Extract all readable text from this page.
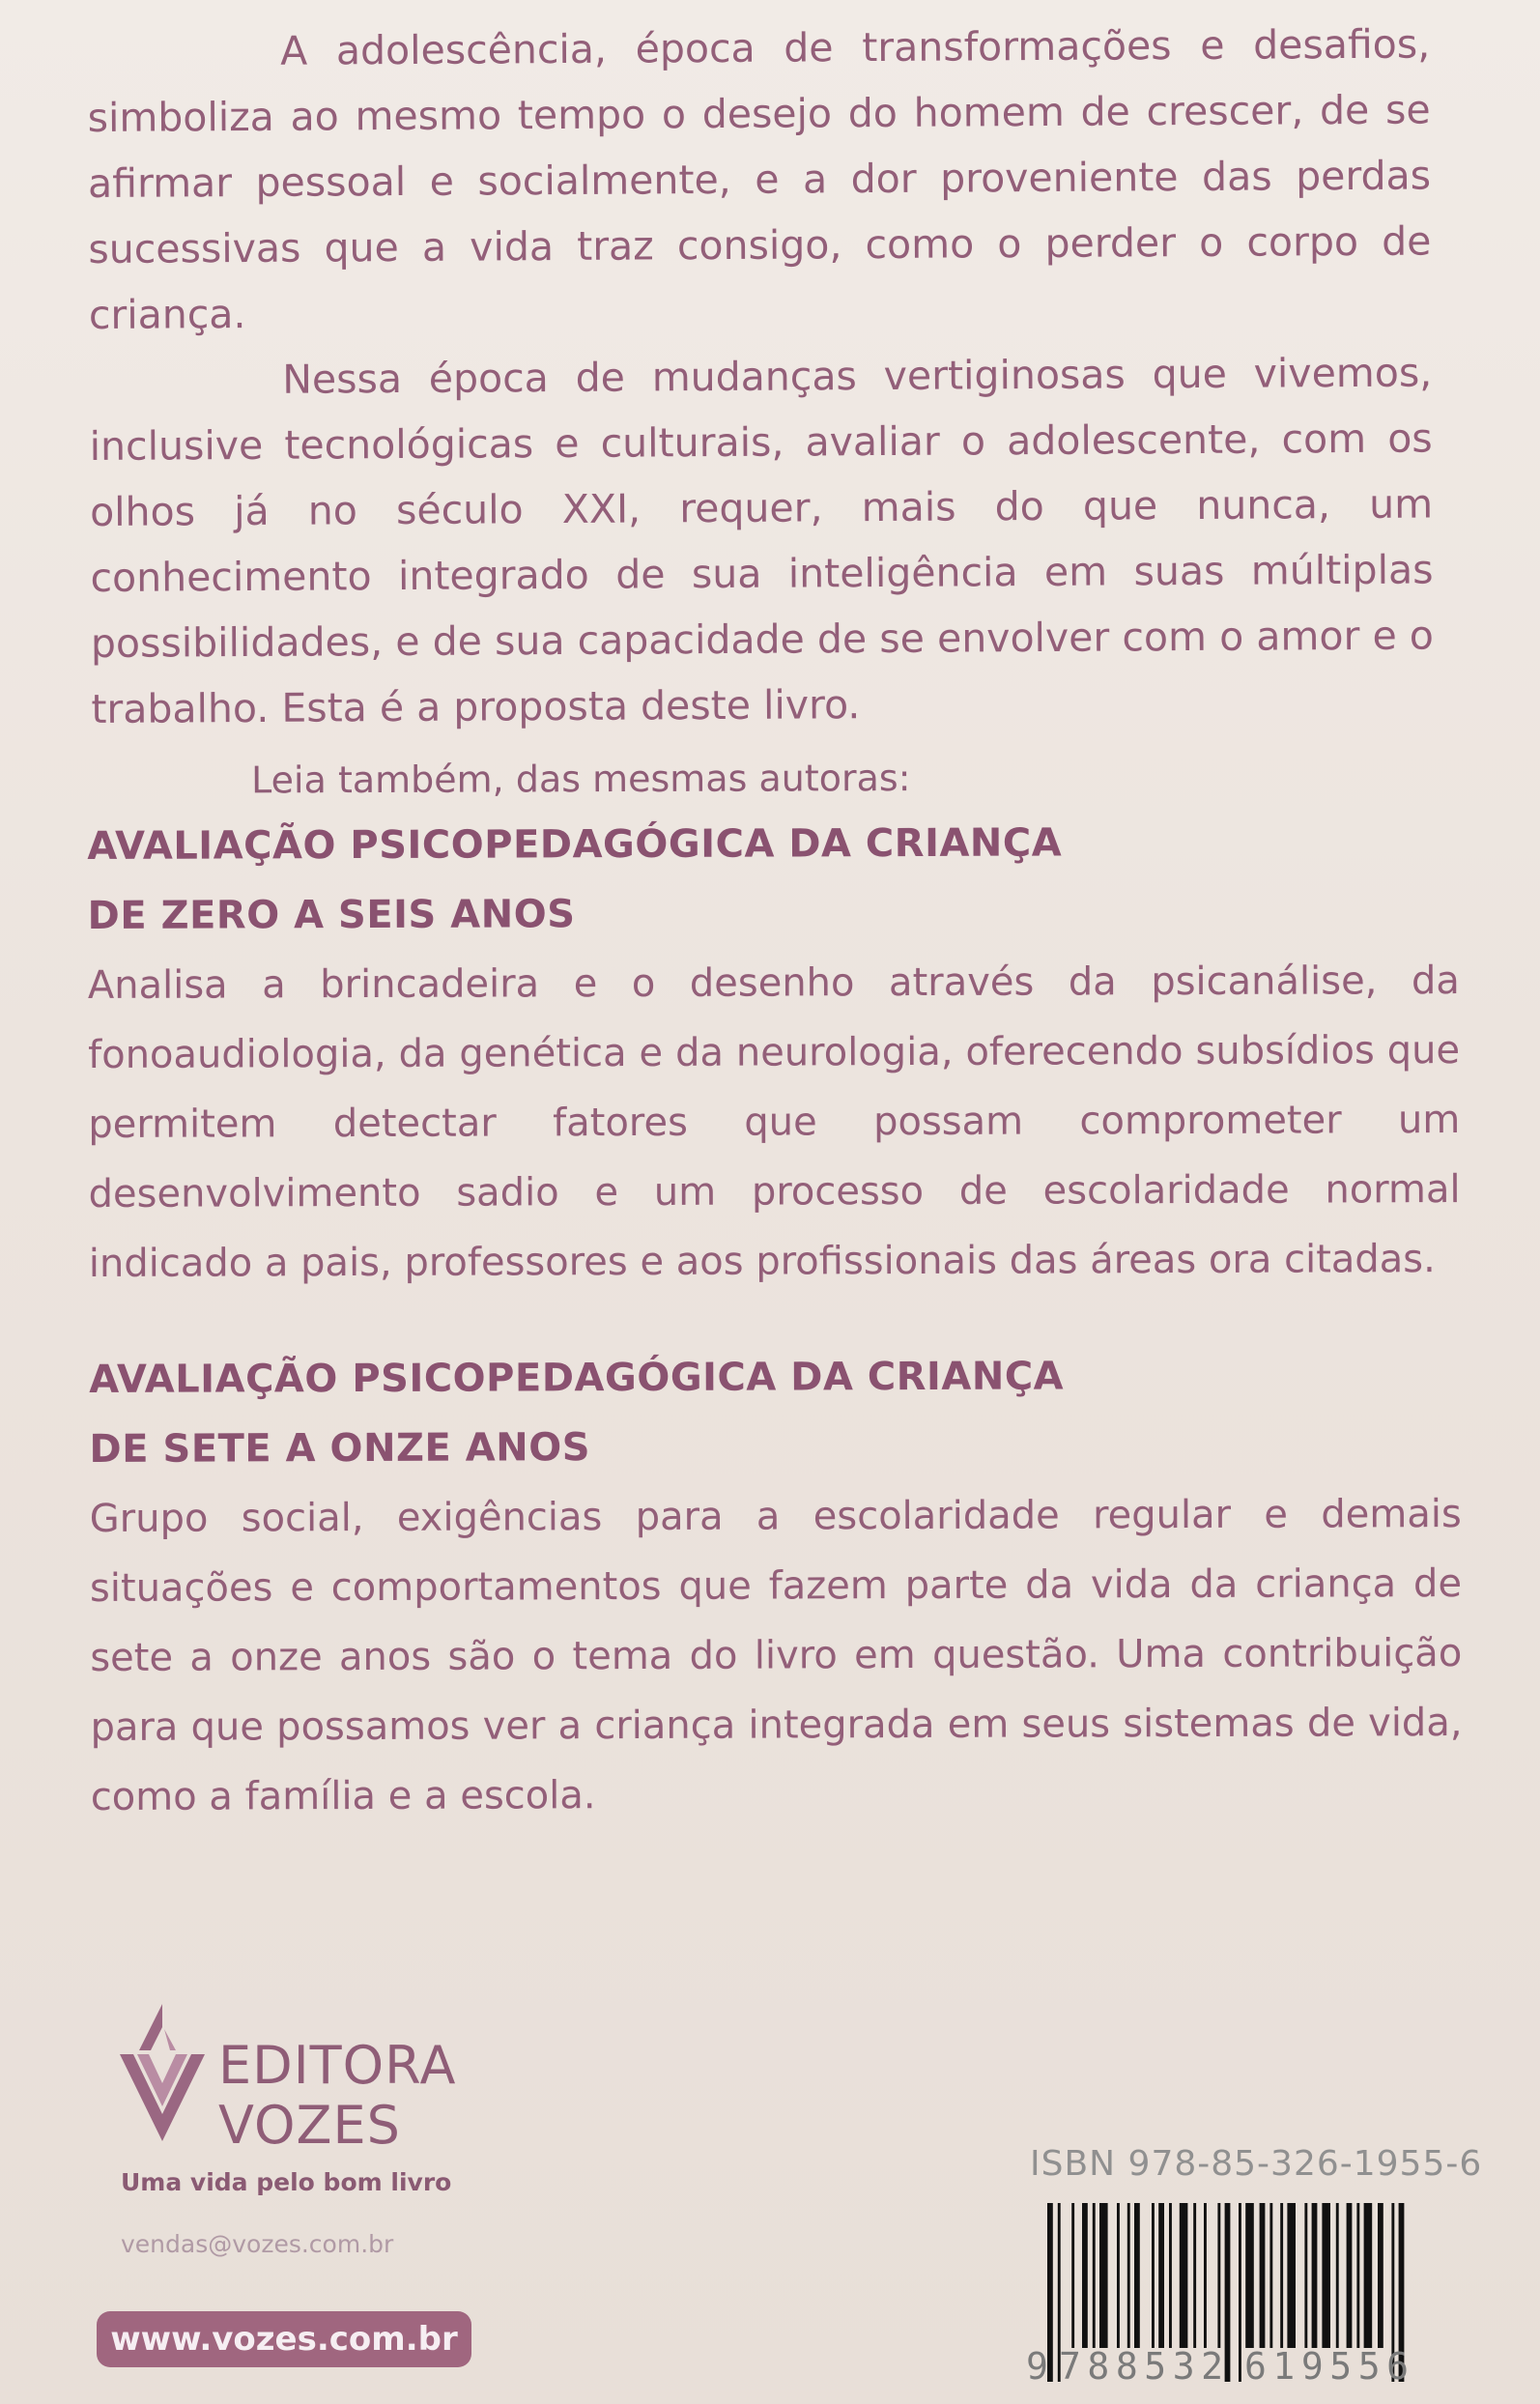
A adolescência, época de transformações e desafios, simboliza ao mesmo tempo o desejo do homem de crescer, de se afirmar pessoal e socialmente, e a dor proveniente das perdas sucessivas que a vida traz consigo, como o perder o corpo de criança.

Nessa época de mudanças vertiginosas que vivemos, inclusive tecnológicas e culturais, avaliar o adolescente, com os olhos já no século XXI, requer, mais do que nunca, um conhecimento integrado de sua inteligência em suas múltiplas possibilidades, e de sua capacidade de se envolver com o amor e o trabalho. Esta é a proposta deste livro.

Leia também, das mesmas autoras:

AVALIAÇÃO PSICOPEDAGÓGICA DA CRIANÇA

DE ZERO A SEIS ANOS

Analisa a brincadeira e o desenho através da psicanálise, da fonoaudiologia, da genética e da neurologia, oferecendo subsídios que permitem detectar fatores que possam comprometer um desenvolvimento sadio e um processo de escolaridade normal indicado a pais, professores e aos profissionais das áreas ora citadas.

AVALIAÇÃO PSICOPEDAGÓGICA DA CRIANÇA

DE SETE A ONZE ANOS

Grupo social, exigências para a escolaridade regular e demais situações e comportamentos que fazem parte da vida da criança de sete a onze anos são o tema do livro em questão. Uma contribuição para que possamos ver a criança integrada em seus sistemas de vida, como a família e a escola.

EDITORA
VOZES
Uma vida pelo bom livro
vendas@vozes.com.br
www.vozes.com.br
ISBN 978-85-326-1955-6
9 788532 619556
